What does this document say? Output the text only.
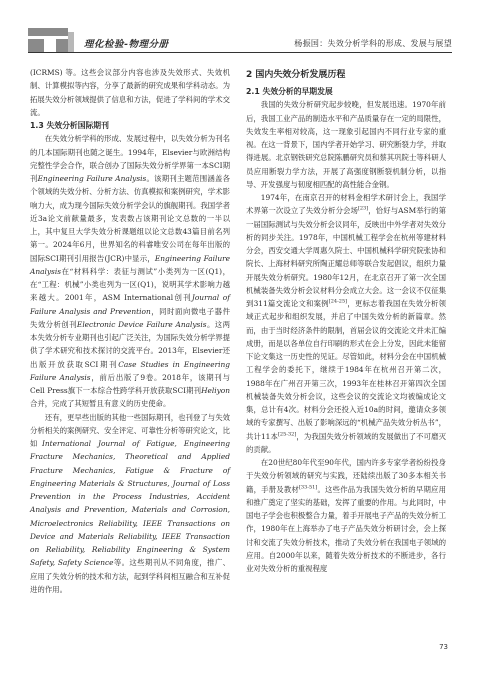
理化检验-物理分册	杨振国：失效分析学科的形成、发展与展望

(ICRMS) 等。这些会议部分内容也涉及失效形式、失效机制、计算模拟等内容，分享了最新的研究成果和学科动态。为拓展失效分析领域提供了信息和方法，促进了学科间的学术交流。

1.3 失效分析国际期刊

在失效分析学科的形成、发展过程中，以失效分析为刊名的几本国际期刊也随之诞生。1994年，Elsevier与欧洲结构完整性学会合作，联合创办了国际失效分析学界第一本SCI期刊Engineering Failure Analysis。该期刊主题范围涵盖各个领域的失效分析、分析方法、仿真模拟和案例研究，学术影响力大，成为现今国际失效分析学会认的旗舰期刊。我国学者近3a论文前献量最多，发表数占该期刊论文总数的一半以上，其中复旦大学失效分析课题组以论文总数43篇目前名列第一。2024年6月，世界知名的科睿唯安公司在每年出版的国际SCI期刊引用报告(JCR)中显示，Engineering Failure Analysis在“材料科学：表征与测试”小类列为一区(Q1)，在“工程：机械”小类也列为一区(Q1)，说明其学术影响力越来越大。2001年，ASM International创刊Journal of Failure Analysis and Prevention，同时面向微电子器件失效分析创刊Electronic Device Failure Analysis。这两本失效分析专业期刊也引起广泛关注，为国际失效分析学界提供了学术研究和技术探讨的交流平台。2013年，Elsevier还出版开放获取SCI期刊Case Studies in Engineering Failure Analysis，前后出版了9卷。2018年，该期刊与Cell Press旗下一本综合性跨学科开放获取SCI期刊Heliyon合并，完成了其短暂且有意义的历史使命。

还有，更早些出版的其他一些国际期刊，也刊登了与失效分析相关的案例研究、安全评定、可靠性分析等研究论文，比如International Journal of Fatigue, Engineering Fracture Mechanics, Theoretical and Applied Fracture Mechanics, Fatigue & Fracture of Engineering Materials & Structures, Journal of Loss Prevention in the Process Industries, Accident Analysis and Prevention, Materials and Corrosion, Microelectronics Reliability, IEEE Transactions on Device and Materials Reliability, IEEE Transaction on Reliability, Reliability Engineering & System Safety, Safety Science等。这些期刊从不同角度，推广、应用了失效分析的技术和方法，起到学科间相互融合和互补促进的作用。

2 国内失效分析发展历程
2.1 失效分析的早期发展

我国的失效分析研究起步较晚，但发展迅速。1970年前后，我国工业产品的制造水平和产品质量存在一定的局限性，失效发生率相对较高，这一现象引起国内不同行业专家的重视。在这一背景下，国内学者开始学习、研究断裂力学，并取得进展。北京钢铁研究总院陈鹏研究员和蔡其巩院士等科研人员应用断裂力学方法，开展了高强度钢断裂机制分析，以指导、开发强度与韧度相匹配的高性能合金钢。

1974年，在南京召开的材料金相学术研讨会上，我国学术界第一次设立了失效分析分会场[23]，恰好与ASM举行的第一届国际测试与失效分析会议同年，反映出中外学者对失效分析的同步关注。1978年，中国机械工程学会在杭州等建材料分会，西安交通大学周惠久院士、中国机械科学研究院张协和院长、上海材料研究所陶正耀总师等联合发起倡议，组织力量开展失效分析研究。1980年12月，在北京召开了第一次全国机械装备失效分析会议材料分会成立大会。这一会议不仅征集到311篇交流论文和案例[24-25]，更标志着我国在失效分析领域正式起步和组织发展，并启了中国失效分析的新篇章。然而，由于当时经济条件的限制，首届会议的交流论文并未汇编成册，而是以各单位自行印刷的形式在会上分发，因此未能留下论文集这一历史性的见证。尽管如此，材料分会在中国机械工程学会的委托下，继续于1984年在杭州召开第二次，1988年在广州召开第三次，1993年在桂林召开第四次全国机械装备失效分析会议，这些会议的交流论文均被编成论文集，总计有4次。材料分会还投入近10a的时间，邀请众多领域的专家撰写、出版了影响深远的“机械产品失效分析丛书”，共计11本[25-32]，为我国失效分析领域的发展做出了不可磨灭的贡献。

在20世纪80年代至90年代，国内许多专家学者纷纷投身于失效分析领域的研究与实践，还陆续出版了30多本相关书籍，手册及教材[33-51]。这些作品为我国失效分析的早期应用和推广奠定了坚实的基础，发挥了重要的作用。与此同时，中国电子学会也积极整合力量，着手开展电子产品的失效分析工作，1980年在上海举办了电子产品失效分析研讨会，会上探讨和交流了失效分析技术，推动了失效分析在我国电子领域的应用。自2000年以来，随着失效分析技术的不断进步，各行业对失效分析的重视程度

73
